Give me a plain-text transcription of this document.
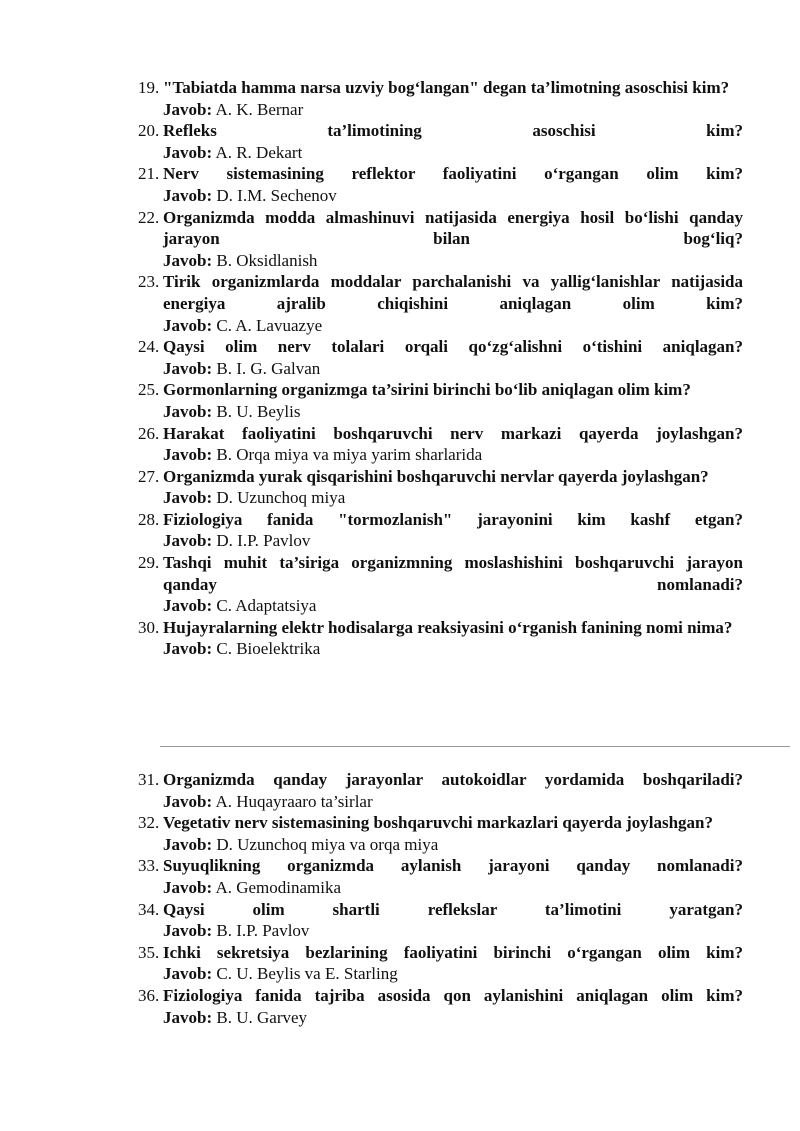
19. "Tabiatda hamma narsa uzviy bog‘langan" degan ta’limotning asoschisi kim?
Javob: A. K. Bernar
20. Refleks ta’limotining asoschisi kim?
Javob: A. R. Dekart
21. Nerv sistemasining reflektor faoliyatini o‘rgangan olim kim?
Javob: D. I.M. Sechenov
22. Organizmda modda almashinuvi natijasida energiya hosil bo‘lishi qanday jarayon bilan bog‘liq?
Javob: B. Oksidlanish
23. Tirik organizmlarda moddalar parchalanishi va yallig‘lanishlar natijasida energiya ajralib chiqishini aniqlagan olim kim?
Javob: C. A. Lavuazye
24. Qaysi olim nerv tolalari orqali qo‘zg‘alishni o‘tishini aniqlagan?
Javob: B. I. G. Galvan
25. Gormonlarning organizmga ta’sirini birinchi bo‘lib aniqlagan olim kim?
Javob: B. U. Beylis
26. Harakat faoliyatini boshqaruvchi nerv markazi qayerda joylashgan?
Javob: B. Orqa miya va miya yarim sharlarida
27. Organizmda yurak qisqarishini boshqaruvchi nervlar qayerda joylashgan?
Javob: D. Uzunchoq miya
28. Fiziologiya fanida "tormozlanish" jarayonini kim kashf etgan?
Javob: D. I.P. Pavlov
29. Tashqi muhit ta’siriga organizmning moslashishini boshqaruvchi jarayon qanday nomlanadi?
Javob: C. Adaptatsiya
30. Hujayralarning elektr hodisalarga reaksiyasini o‘rganish fanining nomi nima?
Javob: C. Bioelektrika
31. Organizmda qanday jarayonlar autokoidlar yordamida boshqariladi?
Javob: A. Huqayraaro ta’sirlar
32. Vegetativ nerv sistemasining boshqaruvchi markazlari qayerda joylashgan?
Javob: D. Uzunchoq miya va orqa miya
33. Suyuqlikning organizmda aylanish jarayoni qanday nomlanadi?
Javob: A. Gemodinamika
34. Qaysi olim shartli reflekslar ta’limotini yaratgan?
Javob: B. I.P. Pavlov
35. Ichki sekretsiya bezlarining faoliyatini birinchi o‘rgangan olim kim?
Javob: C. U. Beylis va E. Starling
36. Fiziologiya fanida tajriba asosida qon aylanishini aniqlagan olim kim?
Javob: B. U. Garvey
